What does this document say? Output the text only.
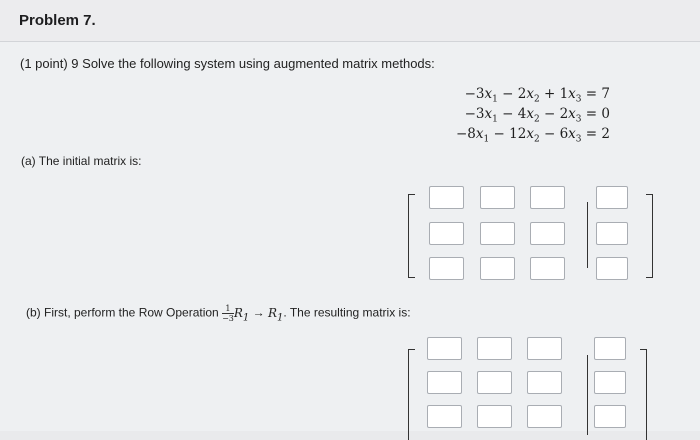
Problem 7.
(1 point) 9 Solve the following system using augmented matrix methods:
$-3x_1 - 2x_2 + 1x_3 = 7$
$-3x_1 - 4x_2 - 2x_3 = 0$
$-8x_1 - 12x_2 - 6x_3 = 2$
(a) The initial matrix is:
(b) First, perform the Row Operation $\frac{1}{-3} R_1 \to R_1$. The resulting matrix is:
